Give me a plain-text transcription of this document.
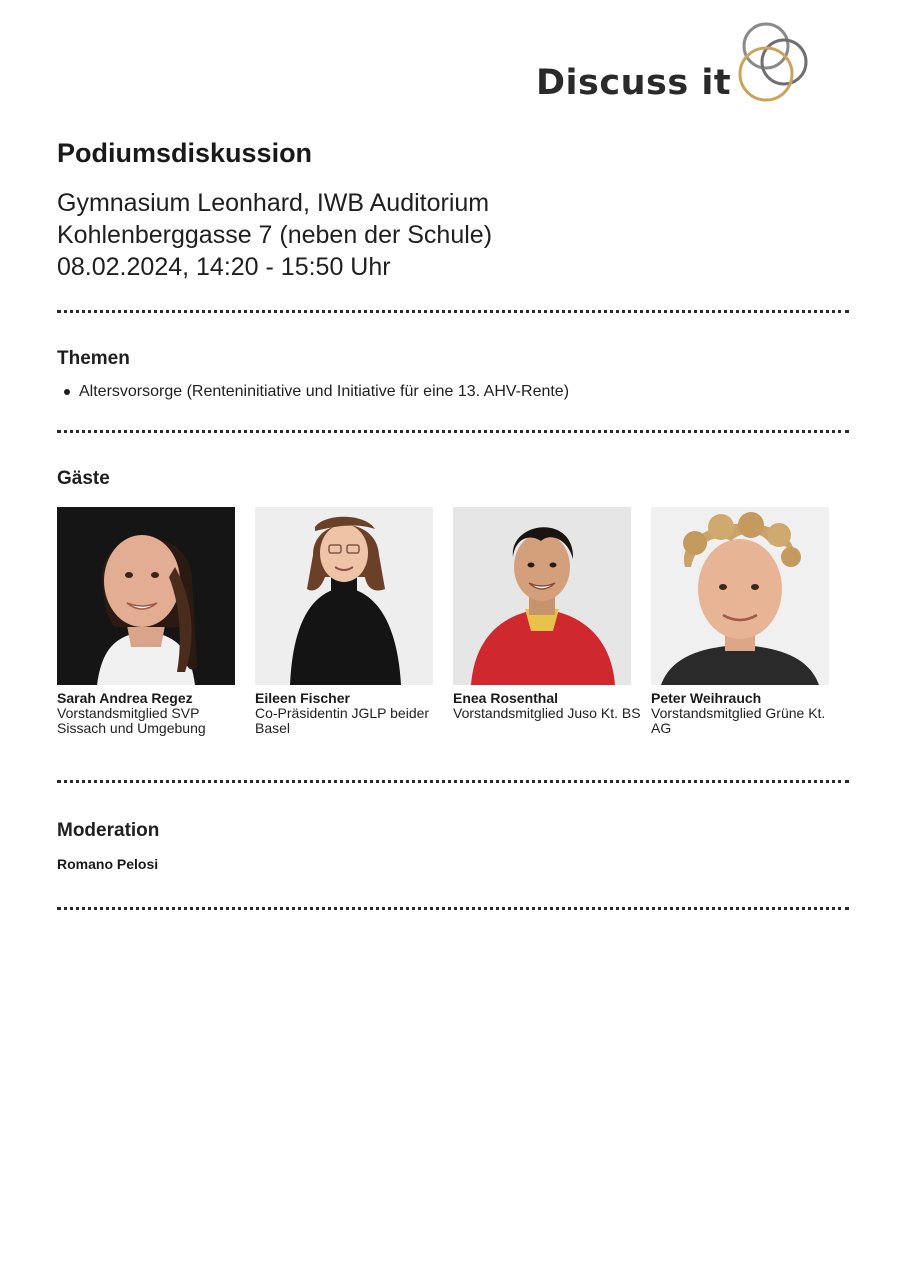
Discuss it
Podiumsdiskussion
Gymnasium Leonhard, IWB Auditorium
Kohlenberggasse 7 (neben der Schule)
08.02.2024, 14:20 - 15:50 Uhr
Themen
Altersvorsorge (Renteninitiative und Initiative für eine 13. AHV-Rente)
Gäste
Sarah Andrea Regez
Vorstandsmitglied SVP Sissach und Umgebung
Eileen Fischer
Co-Präsidentin JGLP beider Basel
Enea Rosenthal
Vorstandsmitglied Juso Kt. BS
Peter Weihrauch
Vorstandsmitglied Grüne Kt. AG
Moderation
Romano Pelosi
